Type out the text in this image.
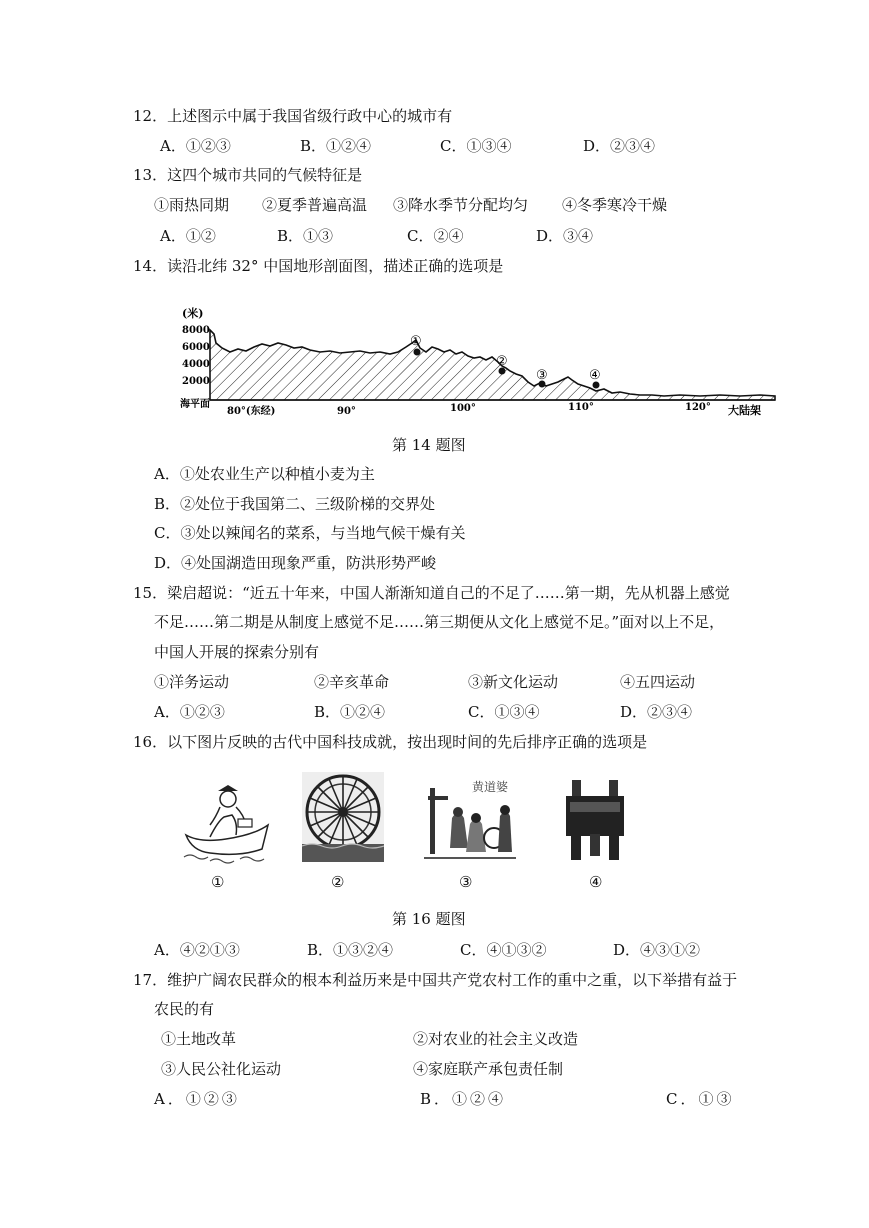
12．上述图示中属于我国省级行政中心的城市有
A．①②③	B．①②④	C．①③④	D．②③④
13．这四个城市共同的气候特征是
①雨热同期 ②夏季普遍高温 ③降水季节分配均匀 ④冬季寒冷干燥
A．①②	B．①③	C．②④	D．③④
14．读沿北纬 32° 中国地形剖面图，描述正确的选项是
(米)
8000
6000
4000
2000
海平面
80°(东经)	90°	100°	110°	120° 大陆架
①
②
③	④
第 14 题图
A．①处农业生产以种植小麦为主
B．②处位于我国第二、三级阶梯的交界处
C．③处以辣闻名的菜系，与当地气候干燥有关
D．④处国湖造田现象严重，防洪形势严峻
15．梁启超说：“近五十年来，中国人渐渐知道自己的不足了……第一期，先从机器上感觉
不足……第二期是从制度上感觉不足……第三期便从文化上感觉不足。”面对以上不足，
中国人开展的探索分别有
①洋务运动	②辛亥革命	③新文化运动	④五四运动
A．①②③	B．①②④	C．①③④	D．②③④
16．以下图片反映的古代中国科技成就，按出现时间的先后排序正确的选项是
黄道婆
①	②	③	④
第 16 题图
A．④②①③	B．①③②④	C．④①③②	D．④③①②
17．维护广阔农民群众的根本利益历来是中国共产党农村工作的重中之重，以下举措有益于
农民的有
①土地改革	②对农业的社会主义改造
③人民公社化运动	④家庭联产承包责任制
A．①②③	B．①②④	C．①③
